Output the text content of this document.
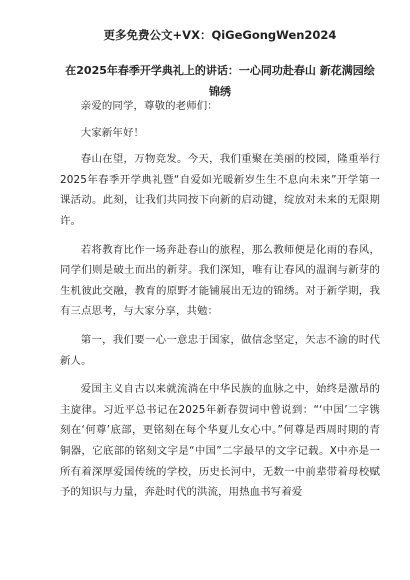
更多免费公文+VX：QiGeGongWen2024

在2025年春季开学典礼上的讲话：一心同功赴春山 新花满园绘锦绣

亲爱的同学，尊敬的老师们：

大家新年好！

春山在望，万物竞发。今天，我们重聚在美丽的校园，隆重举行2025年春季开学典礼暨“自爱如光暖新岁生生不息向未来”开学第一课活动。此刻，让我们共同按下向新的启动键，绽放对未来的无限期许。

若将教育比作一场奔赴春山的旅程，那么教师便是化雨的春风，同学们则是破土而出的新芽。我们深知，唯有让春风的温润与新芽的生机彼此交融，教育的原野才能铺展出无边的锦绣。对于新学期，我有三点思考，与大家分享，共勉：

第一，我们要一心一意忠于国家，做信念坚定，矢志不渝的时代新人。

爱国主义自古以来就流淌在中华民族的血脉之中，始终是激昂的主旋律。习近平总书记在2025年新春贺词中曾说到：“‘中国’二字镌刻在‘何尊’底部，更铭刻在每个华夏儿女心中。”何尊是西周时期的青铜器，它底部的铭刻文字是“中国”二字最早的文字记载。X中亦是一所有着深厚爱国传统的学校，历史长河中，无数一中前辈带着母校赋予的知识与力量，奔赴时代的洪流，用热血书写着爱
